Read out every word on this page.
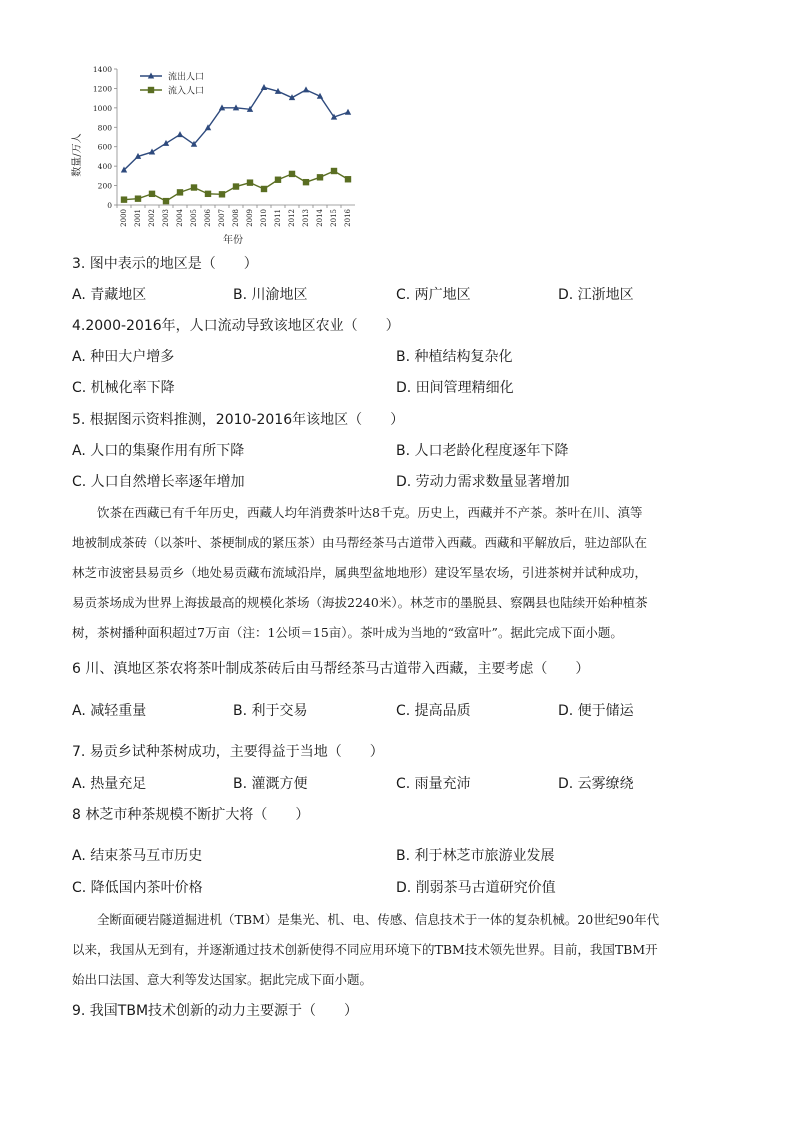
0
200
400
600
800
1000
1200
1400
2000 2001 2002 2003 2004 2005 2006 2007 2008 2009 2010 2011 2012 2013 2014 2015 2016
流出人口
流入人口
数量/万人
年份
3. 图中表示的地区是（　　）
A. 青藏地区	B. 川渝地区	C. 两广地区	D. 江浙地区
4.2000-2016年，人口流动导致该地区农业（　　）
A. 种田大户增多	B. 种植结构复杂化
C. 机械化率下降	D. 田间管理精细化
5. 根据图示资料推测，2010-2016年该地区（　　）
A. 人口的集聚作用有所下降	B. 人口老龄化程度逐年下降
C. 人口自然增长率逐年增加	D. 劳动力需求数量显著增加
　　饮茶在西藏已有千年历史，西藏人均年消费茶叶达8千克。历史上，西藏并不产茶。茶叶在川、滇等
地被制成茶砖（以茶叶、茶梗制成的紧压茶）由马帮经茶马古道带入西藏。西藏和平解放后，驻边部队在
林芝市波密县易贡乡（地处易贡藏布流域沿岸，属典型盆地地形）建设军垦农场，引进茶树并试种成功，
易贡茶场成为世界上海拔最高的规模化茶场（海拔2240米）。林芝市的墨脱县、察隅县也陆续开始种植茶
树，茶树播种面积超过7万亩（注：1公顷＝15亩）。茶叶成为当地的“致富叶”。据此完成下面小题。
6 川、滇地区茶农将茶叶制成茶砖后由马帮经茶马古道带入西藏，主要考虑（　　）
A. 减轻重量	B. 利于交易	C. 提高品质	D. 便于储运
7. 易贡乡试种茶树成功，主要得益于当地（　　）
A. 热量充足	B. 灌溉方便	C. 雨量充沛	D. 云雾缭绕
8 林芝市种茶规模不断扩大将（　　）
A. 结束茶马互市历史	B. 利于林芝市旅游业发展
C. 降低国内茶叶价格	D. 削弱茶马古道研究价值
　　全断面硬岩隧道掘进机（TBM）是集光、机、电、传感、信息技术于一体的复杂机械。20世纪90年代
以来，我国从无到有，并逐渐通过技术创新使得不同应用环境下的TBM技术领先世界。目前，我国TBM开
始出口法国、意大利等发达国家。据此完成下面小题。
9. 我国TBM技术创新的动力主要源于（　　）
